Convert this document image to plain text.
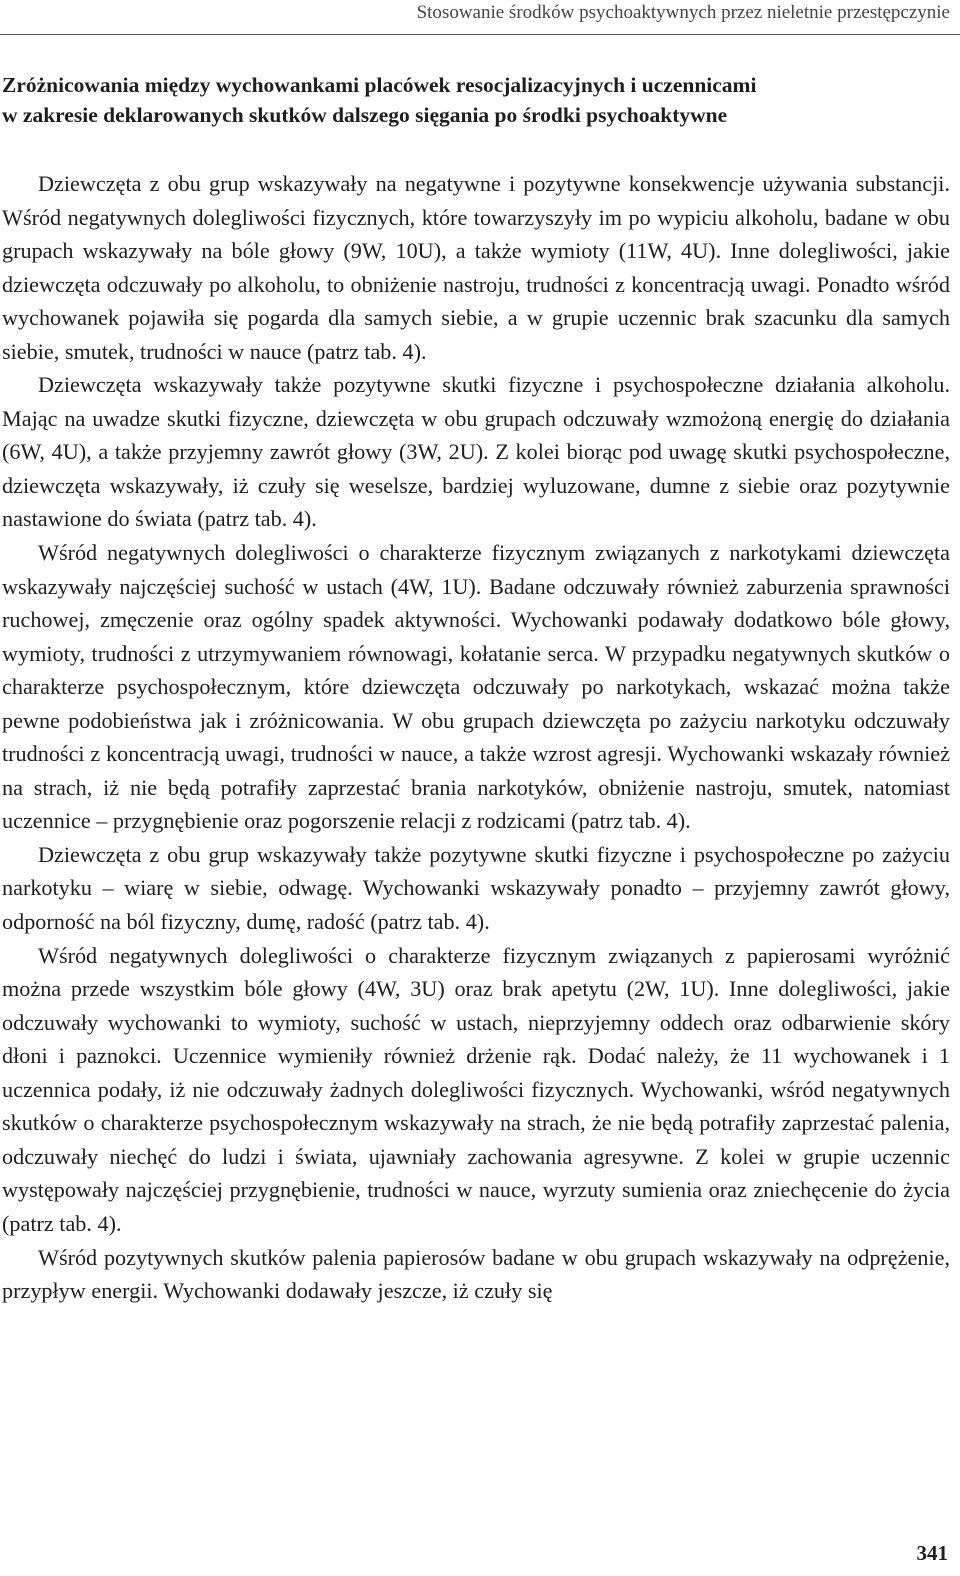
Stosowanie środków psychoaktywnych przez nieletnie przestępczynie
Zróżnicowania między wychowankami placówek resocjalizacyjnych i uczennicami
w zakresie deklarowanych skutków dalszego sięgania po środki psychoaktywne

Dziewczęta z obu grup wskazywały na negatywne i pozytywne konsekwencje używania substancji. Wśród negatywnych dolegliwości fizycznych, które towarzyszyły im po wypiciu alkoholu, badane w obu grupach wskazywały na bóle głowy (9W, 10U), a także wymioty (11W, 4U). Inne dolegliwości, jakie dziewczęta odczuwały po alkoholu, to obniżenie nastroju, trudności z koncentracją uwagi. Ponadto wśród wychowanek pojawiła się pogarda dla samych siebie, a w grupie uczennic brak szacunku dla samych siebie, smutek, trudności w nauce (patrz tab. 4).

Dziewczęta wskazywały także pozytywne skutki fizyczne i psychospołeczne działania alkoholu. Mając na uwadze skutki fizyczne, dziewczęta w obu grupach odczuwały wzmożoną energię do działania (6W, 4U), a także przyjemny zawrót głowy (3W, 2U). Z kolei biorąc pod uwagę skutki psychospołeczne, dziewczęta wskazywały, iż czuły się weselsze, bardziej wyluzowane, dumne z siebie oraz pozytywnie nastawione do świata (patrz tab. 4).

Wśród negatywnych dolegliwości o charakterze fizycznym związanych z narkotykami dziewczęta wskazywały najczęściej suchość w ustach (4W, 1U). Badane odczuwały również zaburzenia sprawności ruchowej, zmęczenie oraz ogólny spadek aktywności. Wychowanki podawały dodatkowo bóle głowy, wymioty, trudności z utrzymywaniem równowagi, kołatanie serca. W przypadku negatywnych skutków o charakterze psychospołecznym, które dziewczęta odczuwały po narkotykach, wskazać można także pewne podobieństwa jak i zróżnicowania. W obu grupach dziewczęta po zażyciu narkotyku odczuwały trudności z koncentracją uwagi, trudności w nauce, a także wzrost agresji. Wychowanki wskazały również na strach, iż nie będą potrafiły zaprzestać brania narkotyków, obniżenie nastroju, smutek, natomiast uczennice – przygnębienie oraz pogorszenie relacji z rodzicami (patrz tab. 4).

Dziewczęta z obu grup wskazywały także pozytywne skutki fizyczne i psychospołeczne po zażyciu narkotyku – wiarę w siebie, odwagę. Wychowanki wskazywały ponadto – przyjemny zawrót głowy, odporność na ból fizyczny, dumę, radość (patrz tab. 4).

Wśród negatywnych dolegliwości o charakterze fizycznym związanych z papierosami wyróżnić można przede wszystkim bóle głowy (4W, 3U) oraz brak apetytu (2W, 1U). Inne dolegliwości, jakie odczuwały wychowanki to wymioty, suchość w ustach, nieprzyjemny oddech oraz odbarwienie skóry dłoni i paznokci. Uczennice wymieniły również drżenie rąk. Dodać należy, że 11 wychowanek i 1 uczennica podały, iż nie odczuwały żadnych dolegliwości fizycznych. Wychowanki, wśród negatywnych skutków o charakterze psychospołecznym wskazywały na strach, że nie będą potrafiły zaprzestać palenia, odczuwały niechęć do ludzi i świata, ujawniały zachowania agresywne. Z kolei w grupie uczennic występowały najczęściej przygnębienie, trudności w nauce, wyrzuty sumienia oraz zniechęcenie do życia (patrz tab. 4).

Wśród pozytywnych skutków palenia papierosów badane w obu grupach wskazywały na odprężenie, przypływ energii. Wychowanki dodawały jeszcze, iż czuły się

341
